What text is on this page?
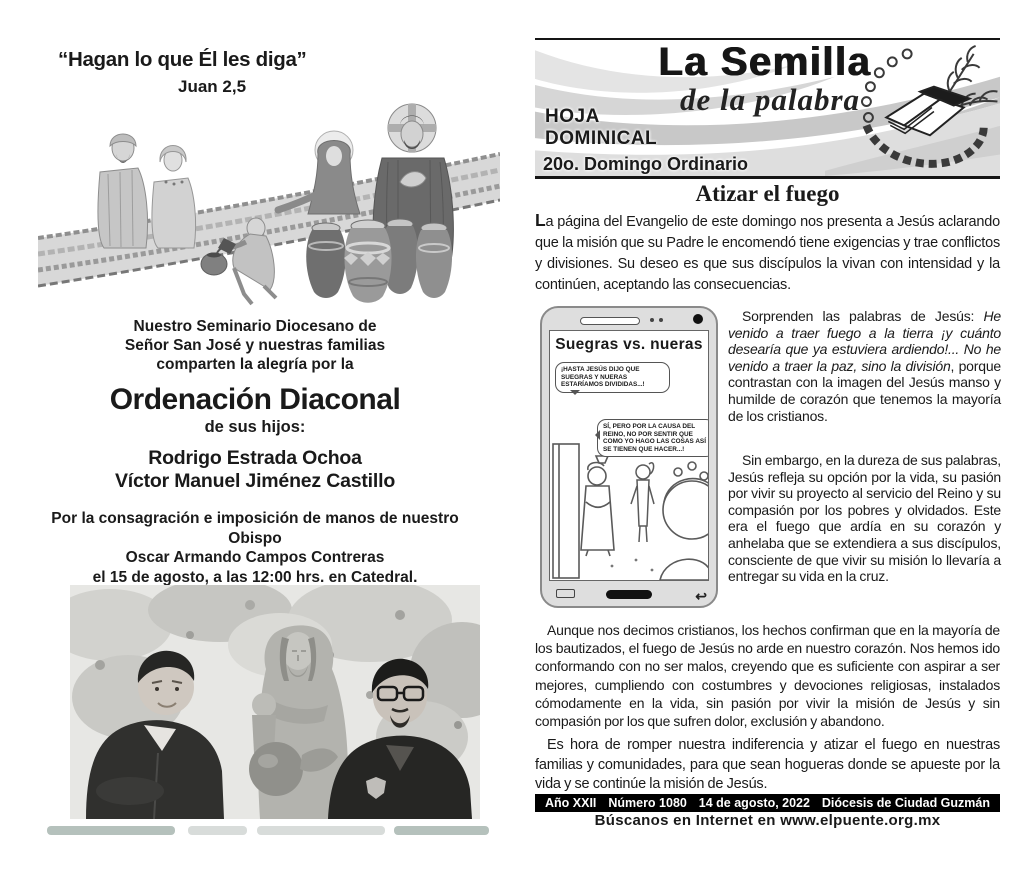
“Hagan lo que Él les diga”
Juan 2,5
Nuestro Seminario Diocesano de
Señor San José y nuestras familias
comparten la alegría por la
Ordenación Diaconal
de sus hijos:
Rodrigo Estrada Ochoa
Víctor Manuel Jiménez Castillo
Por la consagración e imposición de manos de nuestro Obispo
Oscar Armando Campos Contreras
el 15 de agosto, a las 12:00 hrs. en Catedral.
La Semilla
de la palabra
HOJA
DOMINICAL
20o. Domingo Ordinario
Atizar el fuego

La página del Evangelio de este domingo nos presenta a Jesús aclarando que la misión que su Padre le encomendó tiene exigencias y trae conflictos y divisiones. Su deseo es que sus discípulos la vivan con intensidad y la continúen, aceptando las consecuencias.

Suegras vs. nueras
¡HASTA JESÚS DIJO QUE SUEGRAS Y NUERAS ESTARÍAMOS DIVIDIDAS...!
SÍ, PERO POR LA CAUSA DEL REINO, NO POR SENTIR QUE COMO YO HAGO LAS COSAS ASÍ SE TIENEN QUE HACER...!
↩

Sorprenden las palabras de Jesús: He venido a traer fuego a la tierra ¡y cuánto desearía que ya estuviera ardiendo!... No he venido a traer la paz, sino la división, porque contrastan con la imagen del Jesús manso y humilde de corazón que tenemos la mayoría de los cristianos.

Sin embargo, en la dureza de sus palabras, Jesús refleja su opción por la vida, su pasión por vivir su proyecto al servicio del Reino y su compasión por los pobres y olvidados. Este era el fuego que ardía en su corazón y anhelaba que se extendiera a sus discípulos, consciente de que vivir su misión lo llevaría a entregar su vida en la cruz.

Aunque nos decimos cristianos, los hechos confirman que en la mayoría de los bautizados, el fuego de Jesús no arde en nuestro corazón. Nos hemos ido conformando con no ser malos, creyendo que es suficiente con aspirar a ser mejores, cumpliendo con costumbres y devociones religiosas, instalados cómodamente en la vida, sin pasión por vivir la misión de Jesús y sin compasión por los que sufren dolor, exclusión y abandono.

Es hora de romper nuestra indiferencia y atizar el fuego en nuestras familias y comunidades, para que sean hogueras donde se apueste por la vida y se continúe la misión de Jesús.

Año XXII Número 1080 14 de agosto, 2022 Diócesis de Ciudad Guzmán
Búscanos en Internet en www.elpuente.org.mx
